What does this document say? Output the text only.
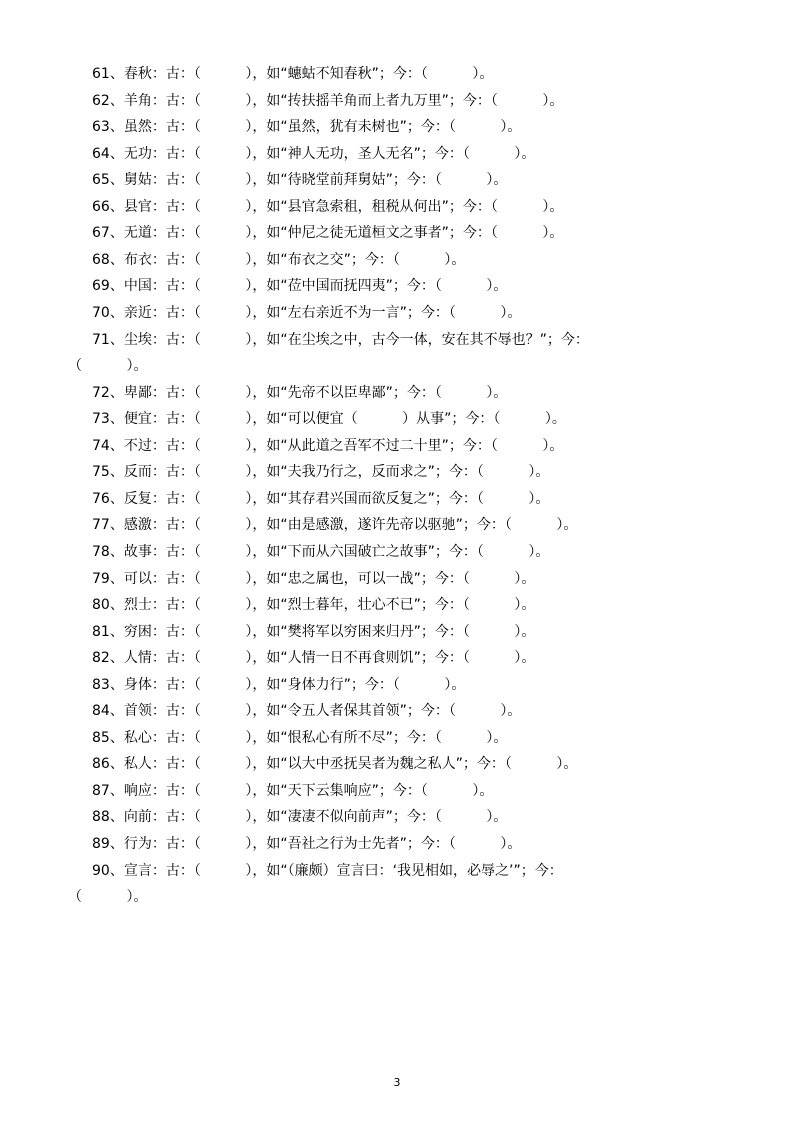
61、春秋：古：（          ），如“蟪蛄不知春秋”；今：（          ）。
62、羊角：古：（          ），如“抟扶摇羊角而上者九万里”；今：（          ）。
63、虽然：古：（          ），如“虽然，犹有未树也”；今：（          ）。
64、无功：古：（          ），如“神人无功，圣人无名”；今：（          ）。
65、舅姑：古：（          ），如“待晓堂前拜舅姑”；今：（          ）。
66、县官：古：（          ），如“县官急索租，租税从何出”；今：（          ）。
67、无道：古：（          ），如“仲尼之徒无道桓文之事者”；今：（          ）。
68、布衣：古：（          ），如“布衣之交”；今：（          ）。
69、中国：古：（          ），如“莅中国而抚四夷”；今：（          ）。
70、亲近：古：（          ），如“左右亲近不为一言”；今：（          ）。
71、尘埃：古：（          ），如“在尘埃之中，古今一体，安在其不辱也？”；今：
（          ）。
72、卑鄙：古：（          ），如“先帝不以臣卑鄙”；今：（          ）。
73、便宜：古：（          ），如“可以便宜（          ）从事”；今：（          ）。
74、不过：古：（          ），如“从此道之吾军不过二十里”；今：（          ）。
75、反而：古：（          ），如“夫我乃行之，反而求之”；今：（          ）。
76、反复：古：（          ），如“其存君兴国而欲反复之”；今：（          ）。
77、感激：古：（          ），如“由是感激，遂许先帝以驱驰”；今：（          ）。
78、故事：古：（          ），如“下而从六国破亡之故事”；今：（          ）。
79、可以：古：（          ），如“忠之属也，可以一战”；今：（          ）。
80、烈士：古：（          ），如“烈士暮年，壮心不已”；今：（          ）。
81、穷困：古：（          ），如“樊将军以穷困来归丹”；今：（          ）。
82、人情：古：（          ），如“人情一日不再食则饥”；今：（          ）。
83、身体：古：（          ），如“身体力行”；今：（          ）。
84、首领：古：（          ），如“令五人者保其首领”；今：（          ）。
85、私心：古：（          ），如“恨私心有所不尽”；今：（          ）。
86、私人：古：（          ），如“以大中丞抚吴者为魏之私人”；今：（          ）。
87、响应：古：（          ），如“天下云集响应”；今：（          ）。
88、向前：古：（          ），如“凄凄不似向前声”；今：（          ）。
89、行为：古：（          ），如“吾社之行为士先者”；今：（          ）。
90、宣言：古：（          ），如“（廉颇）宣言曰：‘我见相如，必辱之’”；今：
（          ）。
3
